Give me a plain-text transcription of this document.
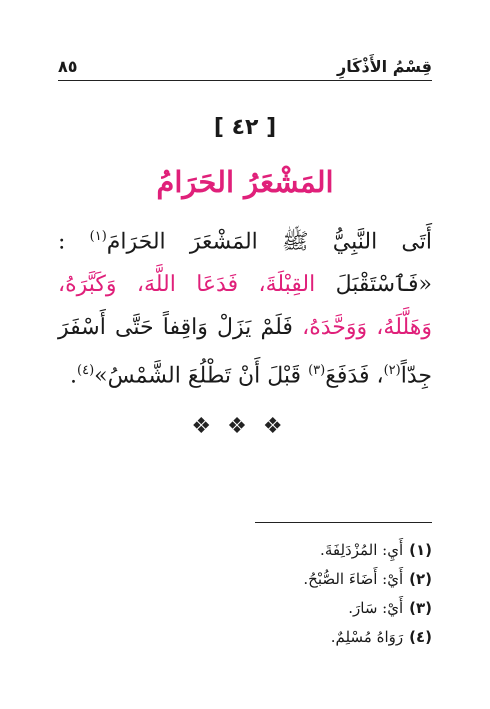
قِسْمُ الأَذْكَارِ
٨٥
[ ٤٢ ]
المَشْعَرُ الحَرَامُ
أَتَى النَّبِيُّ ﷺ المَشْعَرَ الحَرَامَ$^{(١)}$ : «فَٱسْتَقْبَلَ القِبْلَةَ، فَدَعَا اللَّهَ، وَكَبَّرَهُ، وَهَلَّلَهُ، وَوَحَّدَهُ، فَلَمْ يَزَلْ وَاقِفاً حَتَّى أَسْفَرَ جِدّاً$^{(٢)}$، فَدَفَعَ$^{(٣)}$ قَبْلَ أَنْ تَطْلُعَ الشَّمْسُ»$^{(٤)}$.
❖❖❖
(١)أَيِ: المُزْدَلِفَةَ.
(٢)أَيْ: أَضَاءَ الصُّبْحُ.
(٣)أَيْ: سَارَ.
(٤)رَوَاهُ مُسْلِمٌ.
